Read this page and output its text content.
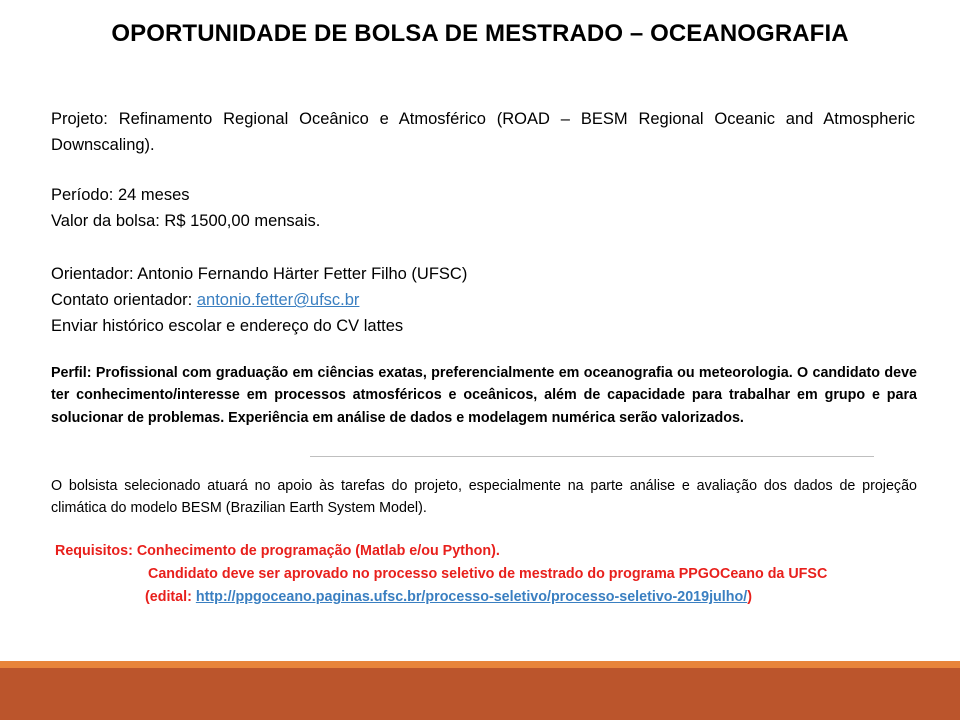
OPORTUNIDADE DE BOLSA DE MESTRADO – OCEANOGRAFIA
Projeto: Refinamento Regional Oceânico e Atmosférico (ROAD – BESM Regional Oceanic and Atmospheric Downscaling).
Período: 24 meses
Valor da bolsa: R$ 1500,00 mensais.
Orientador: Antonio Fernando Härter Fetter Filho (UFSC)
Contato orientador: antonio.fetter@ufsc.br
Enviar histórico escolar e endereço do CV lattes
Perfil: Profissional com graduação em ciências exatas, preferencialmente em oceanografia ou meteorologia. O candidato deve ter conhecimento/interesse em processos atmosféricos e oceânicos, além de capacidade para trabalhar em grupo e para solucionar de problemas. Experiência em análise de dados e modelagem numérica serão valorizados.
O bolsista selecionado atuará no apoio às tarefas do projeto, especialmente na parte análise e avaliação dos dados de projeção climática do modelo BESM (Brazilian Earth System Model).
Requisitos: Conhecimento de programação (Matlab e/ou Python).
Candidato deve ser aprovado no processo seletivo de mestrado do programa PPGOCeano da UFSC
(edital: http://ppgoceano.paginas.ufsc.br/processo-seletivo/processo-seletivo-2019julho/)
